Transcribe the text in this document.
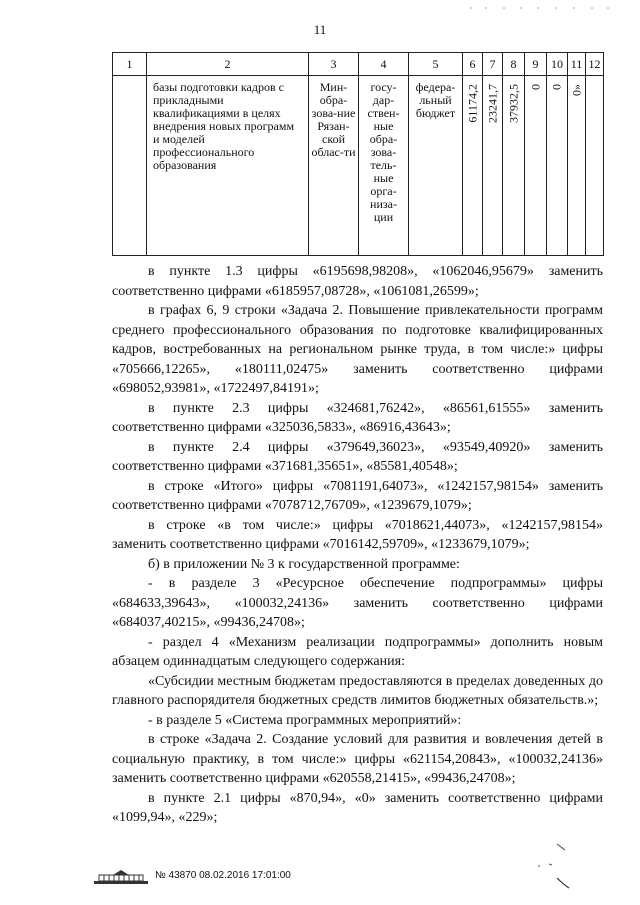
11
1	2	3	4	5	6	7	8	9	10	11	12
	базы подготовки кадров с прикладными квалификациями в целях внедрения новых программ и моделей профессионального образования	Мин-обра-зова-ние Рязан-ской облас-ти	госу-дар-ствен-ные обра-зова-тель-ные орга-низа-ции	федера-льный бюджет	61174,2	23241,7	37932,5	0	0	0»	

в пункте 1.3 цифры «6195698,98208», «1062046,95679» заменить соответственно цифрами «6185957,08728», «1061081,26599»;

в графах 6, 9 строки «Задача 2. Повышение привлекательности программ среднего профессионального образования по подготовке квалифицированных кадров, востребованных на региональном рынке труда, в том числе:» цифры «705666,12265», «180111,02475» заменить соответственно цифрами «698052,93981», «1722497,84191»;

в пункте 2.3 цифры «324681,76242», «86561,61555» заменить соответственно цифрами «325036,5833», «86916,43643»;

в пункте 2.4 цифры «379649,36023», «93549,40920» заменить соответственно цифрами «371681,35651», «85581,40548»;

в строке «Итого» цифры «7081191,64073», «1242157,98154» заменить соответственно цифрами «7078712,76709», «1239679,1079»;

в строке «в том числе:» цифры «7018621,44073», «1242157,98154» заменить соответственно цифрами «7016142,59709», «1233679,1079»;

б) в приложении № 3 к государственной программе:

- в разделе 3 «Ресурсное обеспечение подпрограммы» цифры «684633,39643», «100032,24136» заменить соответственно цифрами «684037,40215», «99436,24708»;

- раздел 4 «Механизм реализации подпрограммы» дополнить новым абзацем одиннадцатым следующего содержания:

«Субсидии местным бюджетам предоставляются в пределах доведенных до главного распорядителя бюджетных средств лимитов бюджетных обязательств.»;

- в разделе 5 «Система программных мероприятий»:

в строке «Задача 2. Создание условий для развития и вовлечения детей в социальную практику, в том числе:» цифры «621154,20843», «100032,24136» заменить соответственно цифрами «620558,21415», «99436,24708»;

в пункте 2.1 цифры «870,94», «0» заменить соответственно цифрами «1099,94», «229»;

№ 43870 08.02.2016 17:01:00
